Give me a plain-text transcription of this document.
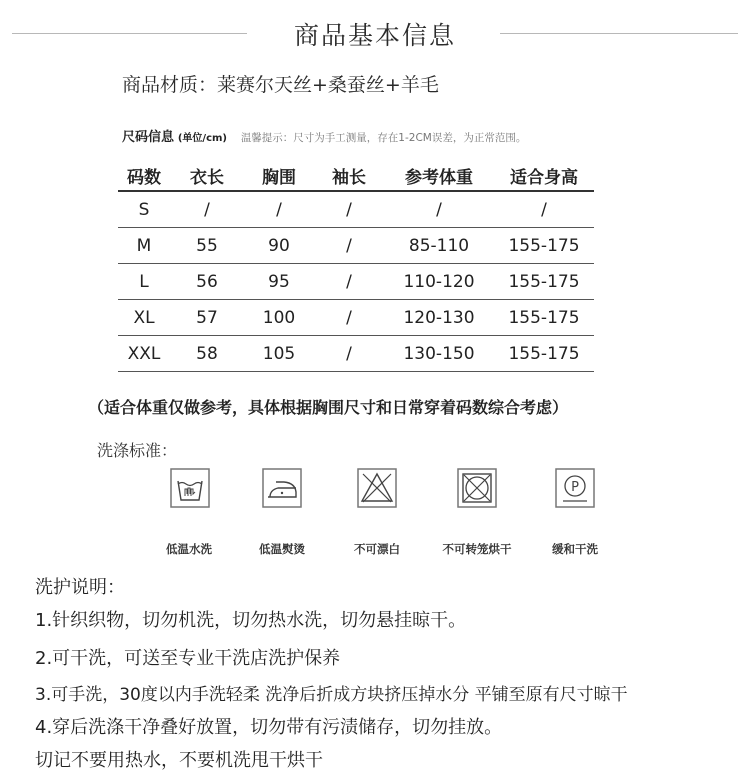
商品基本信息
商品材质：莱赛尔天丝+桑蚕丝+羊毛
尺码信息 (单位/cm) 温馨提示：尺寸为手工测量，存在1-2CM误差，为正常范围。
码数	衣长	胸围	袖长	参考体重	适合身高
S	/	/	/	/	/
M	55	90	/	85-110	155-175
L	56	95	/	110-120	155-175
XL	57	100	/	120-130	155-175
XXL	58	105	/	130-150	155-175
（适合体重仅做参考，具体根据胸围尺寸和日常穿着码数综合考虑）
洗涤标准：
P
低温水洗	低温熨烫	不可漂白	不可转笼烘干	缓和干洗
洗护说明：
1.针织织物，切勿机洗，切勿热水洗，切勿悬挂晾干。
2.可干洗，可送至专业干洗店洗护保养
3.可手洗，30度以内手洗轻柔 洗净后折成方块挤压掉水分 平铺至原有尺寸晾干
4.穿后洗涤干净叠好放置，切勿带有污渍储存，切勿挂放。
切记不要用热水，不要机洗甩干烘干
